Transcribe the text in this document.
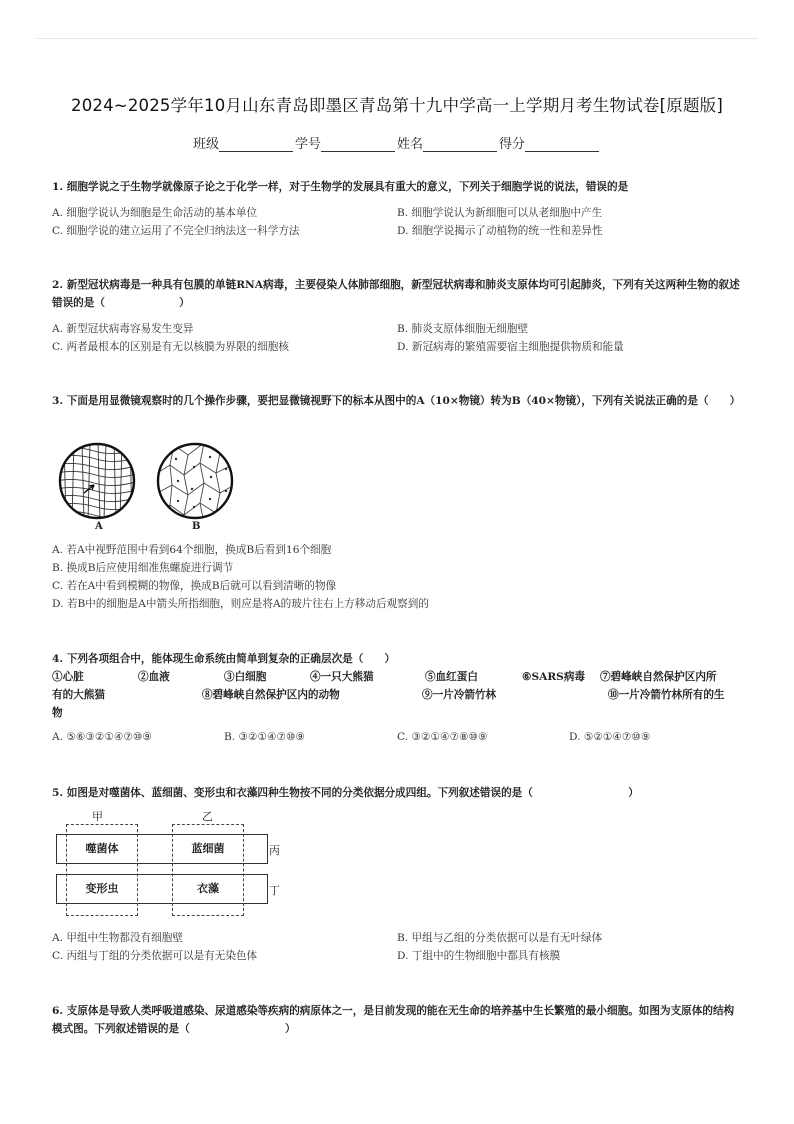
2024~2025学年10月山东青岛即墨区青岛第十九中学高一上学期月考生物试卷[原题版]
班级	学号	姓名	得分
1. 细胞学说之于生物学就像原子论之于化学一样，对于生物学的发展具有重大的意义，下列关于细胞学说的说法，错误的是
A. 细胞学说认为细胞是生命活动的基本单位	B. 细胞学说认为新细胞可以从老细胞中产生
C. 细胞学说的建立运用了不完全归纳法这一科学方法	D. 细胞学说揭示了动植物的统一性和差异性
2. 新型冠状病毒是一种具有包膜的单链RNA病毒，主要侵染人体肺部细胞，新型冠状病毒和肺炎支原体均可引起肺炎，下列有关这两种生物的叙述错误的是（　　　　　　　）
A. 新型冠状病毒容易发生变异	B. 肺炎支原体细胞无细胞壁
C. 两者最根本的区别是有无以核膜为界限的细胞核	D. 新冠病毒的繁殖需要宿主细胞提供物质和能量
3. 下面是用显微镜观察时的几个操作步骤，要把显微镜视野下的标本从图中的A（10×物镜）转为B（40×物镜），下列有关说法正确的是（　　）
A	B
A. 若A中视野范围中看到64个细胞，换成B后看到16个细胞
B. 换成B后应使用细准焦螺旋进行调节
C. 若在A中看到模糊的物像，换成B后就可以看到清晰的物像
D. 若B中的细胞是A中箭头所指细胞，则应是将A的玻片往右上方移动后观察到的
4. 下列各项组合中，能体现生命系统由简单到复杂的正确层次是（　　）
①心脏	②血液	③白细胞	④一只大熊猫	⑤血红蛋白	⑥SARS病毒 ⑦碧峰峡自然保护区内所
有的大熊猫	⑧碧峰峡自然保护区内的动物	⑨一片冷箭竹林	⑩一片冷箭竹林所有的生
物
A. ⑤⑥③②①④⑦⑩⑨	B. ③②①④⑦⑩⑨	C. ③②①④⑦⑧⑩⑨	D. ⑤②①④⑦⑩⑨
5. 如图是对噬菌体、蓝细菌、变形虫和衣藻四种生物按不同的分类依据分成四组。下列叙述错误的是（　　　　　　　　　）
甲	乙
噬菌体	蓝细菌
变形虫	衣藻
丙
丁
A. 甲组中生物都没有细胞壁	B. 甲组与乙组的分类依据可以是有无叶绿体
C. 丙组与丁组的分类依据可以是有无染色体	D. 丁组中的生物细胞中都具有核膜
6. 支原体是导致人类呼吸道感染、尿道感染等疾病的病原体之一，是目前发现的能在无生命的培养基中生长繁殖的最小细胞。如图为支原体的结构模式图。下列叙述错误的是（　　　　　　　　　）
